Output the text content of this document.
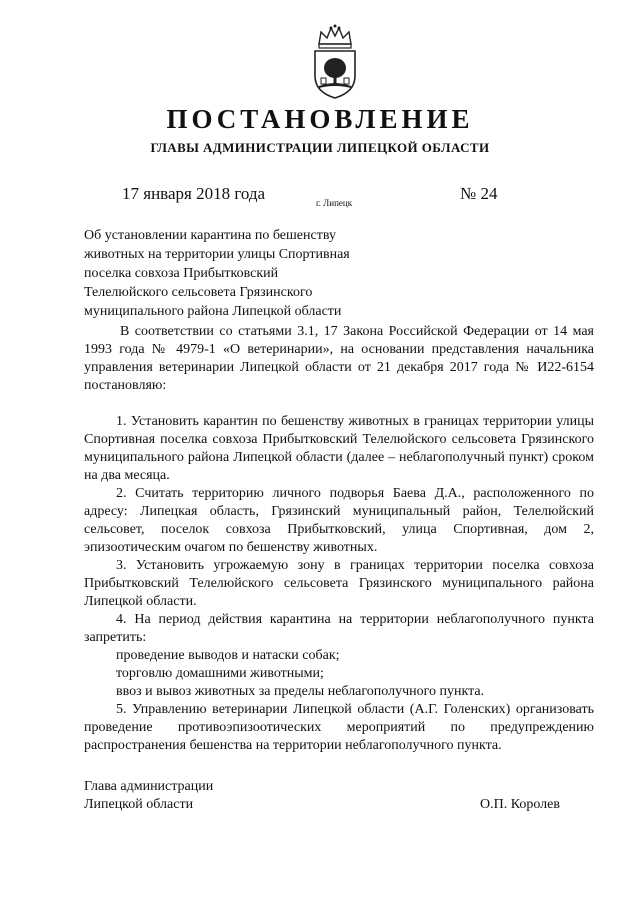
ПОСТАНОВЛЕНИЕ
ГЛАВЫ АДМИНИСТРАЦИИ ЛИПЕЦКОЙ ОБЛАСТИ
17 января 2018 года	г. Липецк	№ 24
Об установлении карантина по бешенству
животных на территории улицы Спортивная
поселка совхоза Прибытковский
Телелюйского сельсовета Грязинского
муниципального района Липецкой области

В соответствии со статьями 3.1, 17 Закона Российской Федерации от 14 мая 1993 года № 4979-1 «О ветеринарии», на основании представления начальника управления ветеринарии Липецкой области от 21 декабря 2017 года № И22-6154 постановляю:

1. Установить карантин по бешенству животных в границах территории улицы Спортивная поселка совхоза Прибытковский Телелюйского сельсовета Грязинского муниципального района Липецкой области (далее – неблагополучный пункт) сроком на два месяца.

2. Считать территорию личного подворья Баева Д.А., расположенного по адресу: Липецкая область, Грязинский муниципальный район, Телелюйский сельсовет, поселок совхоза Прибытковский, улица Спортивная, дом 2, эпизоотическим очагом по бешенству животных.

3. Установить угрожаемую зону в границах территории поселка совхоза Прибытковский Телелюйского сельсовета Грязинского муниципального района Липецкой области.

4. На период действия карантина на территории неблагополучного пункта запретить:

проведение выводов и натаски собак;

торговлю домашними животными;

ввоз и вывоз животных за пределы неблагополучного пункта.

5. Управлению ветеринарии Липецкой области (А.Г. Голенских) организовать проведение противоэпизоотических мероприятий по предупреждению распространения бешенства на территории неблагополучного пункта.

Глава администрации
Липецкой области	О.П. Королев
